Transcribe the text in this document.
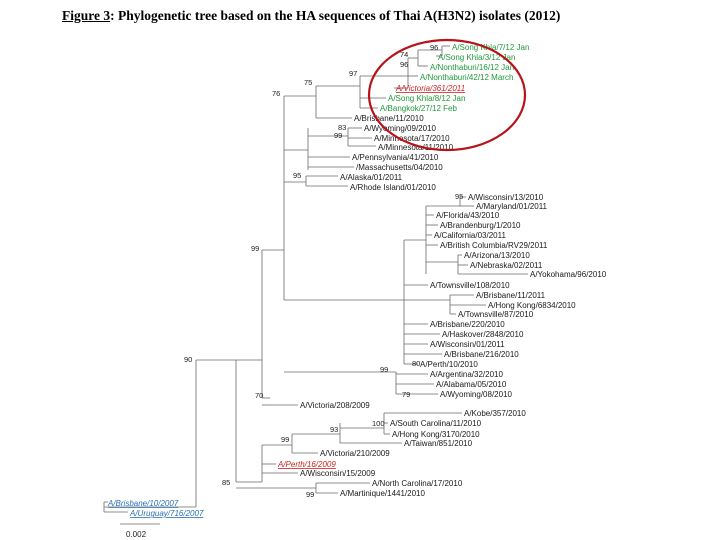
Figure 3: Phylogenetic tree based on the HA sequences of Thai A(H3N2) isolates (2012)
A/Song Khla/7/12 Jan
A/Song Khla/3/12 Jan
A/Nonthaburi/16/12 Jan
A/Nonthaburi/42/12 March
A/Victoria/361/2011
A/Song Khla/8/12 Jan
A/Bangkok/27/12 Feb
A/Brisbane/11/2010
A/Wyoming/09/2010
A/Minnesota/17/2010
A/Minnesota/11/2010
A/Pennsylvania/41/2010
/Massachusetts/04/2010
A/Alaska/01/2011
A/Rhode Island/01/2010
A/Wisconsin/13/2010
A/Maryland/01/2011
A/Florida/43/2010
A/Brandenburg/1/2010
A/California/03/2011
A/British Columbia/RV29/2011
A/Arizona/13/2010
A/Nebraska/02/2011
A/Yokohama/96/2010
A/Townsville/108/2010
A/Brisbane/11/2011
A/Hong Kong/6834/2010
A/Townsville/87/2010
A/Brisbane/220/2010
A/Haskover/2848/2010
A/Wisconsin/01/2011
A/Brisbane/216/2010
A/Perth/10/2010
A/Argentina/32/2010
A/Alabama/05/2010
A/Wyoming/08/2010
A/Victoria/208/2009
A/Kobe/357/2010
A/South Carolina/11/2010
A/Hong Kong/3170/2010
A/Taiwan/851/2010
A/Victoria/210/2009
A/Perth/16/2009
A/Wisconsin/15/2009
A/North Carolina/17/2010
A/Martinique/1441/2010
A/Brisbane/10/2007
A/Uruguay/716/2007
96
74
96
97
75
76
83
99
95
95
99
99
80
90
70	79
100
93
99
85
99
0.002
